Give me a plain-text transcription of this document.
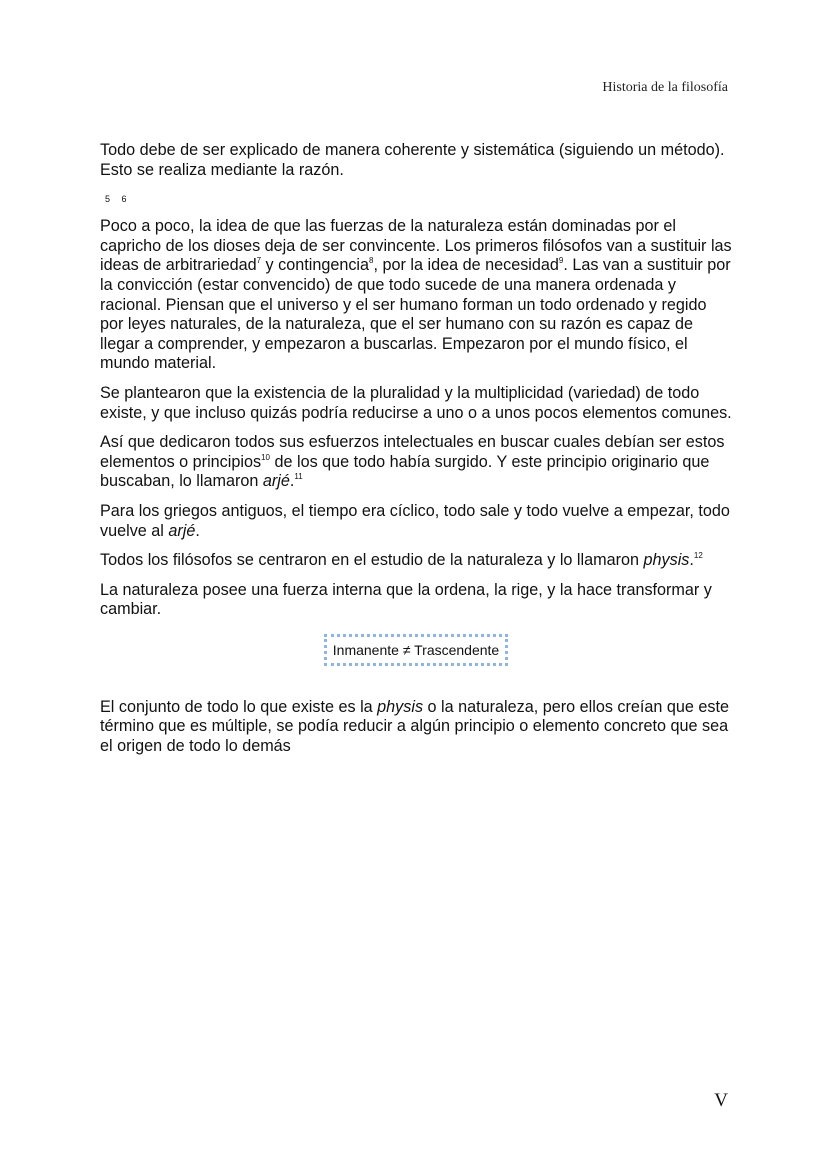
Historia de la filosofía

Todo debe de ser explicado de manera coherente y sistemática (siguiendo un método). Esto se realiza mediante la razón.

5 6

Poco a poco, la idea de que las fuerzas de la naturaleza están dominadas por el capricho de los dioses deja de ser convincente. Los primeros filósofos van a sustituir las ideas de arbitrariedad$^7$ y contingencia$^8$, por la idea de necesidad$^9$. Las van a sustituir por la convicción (estar convencido) de que todo sucede de una manera ordenada y racional. Piensan que el universo y el ser humano forman un todo ordenado y regido por leyes naturales, de la naturaleza, que el ser humano con su razón es capaz de llegar a comprender, y empezaron a buscarlas. Empezaron por el mundo físico, el mundo material.

Se plantearon que la existencia de la pluralidad y la multiplicidad (variedad) de todo existe, y que incluso quizás podría reducirse a uno o a unos pocos elementos comunes.

Así que dedicaron todos sus esfuerzos intelectuales en buscar cuales debían ser estos elementos o principios$^{10}$ de los que todo había surgido. Y este principio originario que buscaban, lo llamaron arjé.$^{11}$

Para los griegos antiguos, el tiempo era cíclico, todo sale y todo vuelve a empezar, todo vuelve al arjé.

Todos los filósofos se centraron en el estudio de la naturaleza y lo llamaron physis.$^{12}$

La naturaleza posee una fuerza interna que la ordena, la rige, y la hace transformar y cambiar.

Inmanente ≠ Trascendente

El conjunto de todo lo que existe es la physis o la naturaleza, pero ellos creían que este término que es múltiple, se podía reducir a algún principio o elemento concreto que sea el origen de todo lo demás

V
